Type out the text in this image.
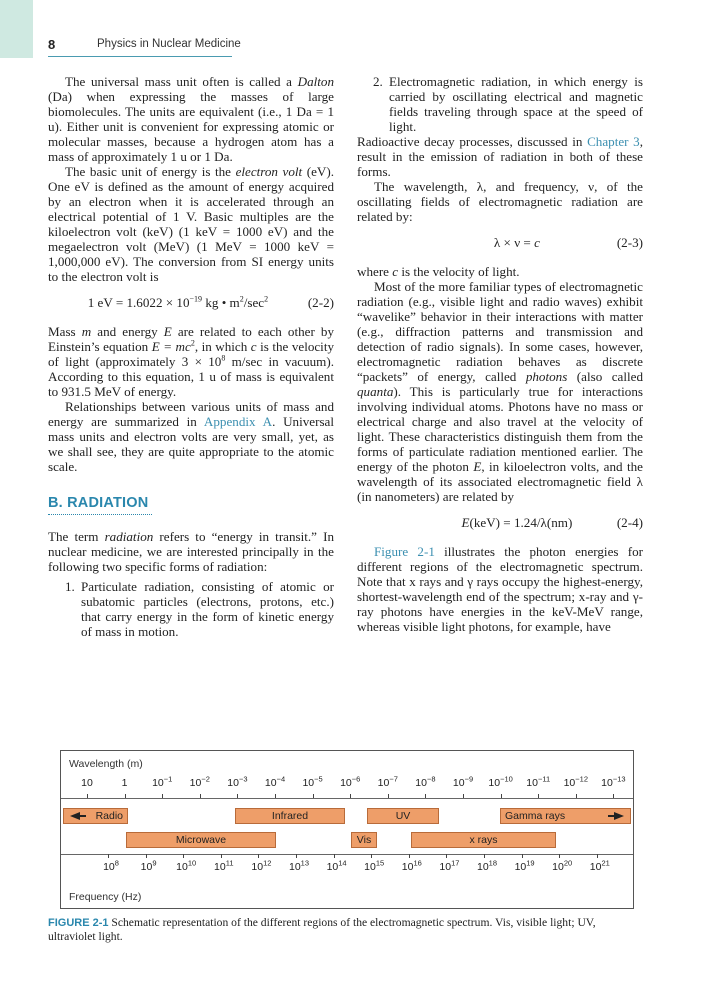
8	Physics in Nuclear Medicine

The universal mass unit often is called a Dalton (Da) when expressing the masses of large biomolecules. The units are equivalent (i.e., 1 Da = 1 u). Either unit is convenient for expressing atomic or molecular masses, because a hydrogen atom has a mass of approximately 1 u or 1 Da.

The basic unit of energy is the electron volt (eV). One eV is defined as the amount of energy acquired by an electron when it is accelerated through an electrical potential of 1 V. Basic multiples are the kiloelectron volt (keV) (1 keV = 1000 eV) and the megaelectron volt (MeV) (1 MeV = 1000 keV = 1,000,000 eV). The conversion from SI energy units to the electron volt is

1 eV = $1.6022 \times 10^{-19}$ kg • $m^2/\sec^2$	(2-2)

Mass m and energy E are related to each other by Einstein’s equation $E = mc^2$, in which c is the velocity of light (approximately $3 \times 10^8$ m/sec in vacuum). According to this equation, 1 u of mass is equivalent to 931.5 MeV of energy.

Relationships between various units of mass and energy are summarized in Appendix A. Universal mass units and electron volts are very small, yet, as we shall see, they are quite appropriate to the atomic scale.

B. RADIATION

The term radiation refers to “energy in transit.” In nuclear medicine, we are interested principally in the following two specific forms of radiation:

1. Particulate radiation, consisting of atomic or subatomic particles (electrons, protons, etc.) that carry energy in the form of kinetic energy of mass in motion.
2. Electromagnetic radiation, in which energy is carried by oscillating electrical and magnetic fields traveling through space at the speed of light.

Radioactive decay processes, discussed in Chapter 3, result in the emission of radiation in both of these forms.

The wavelength, λ, and frequency, ν, of the oscillating fields of electromagnetic radiation are related by:

λ × ν = c	(2-3)

where c is the velocity of light.

Most of the more familiar types of electromagnetic radiation (e.g., visible light and radio waves) exhibit “wavelike” behavior in their interactions with matter (e.g., diffraction patterns and transmission and detection of radio signals). In some cases, however, electromagnetic radiation behaves as discrete “packets” of energy, called photons (also called quanta). This is particularly true for interactions involving individual atoms. Photons have no mass or electrical charge and also travel at the velocity of light. These characteristics distinguish them from the forms of particulate radiation mentioned earlier. The energy of the photon E, in kiloelectron volts, and the wavelength of its associated electromagnetic field λ (in nanometers) are related by

E(keV) = 1.24/λ(nm)	(2-4)

Figure 2-1 illustrates the photon energies for different regions of the electromagnetic spectrum. Note that x rays and γ rays occupy the highest-energy, shortest-wavelength end of the spectrum; x-ray and γ-ray photons have energies in the keV-MeV range, whereas visible light photons, for example, have

Wavelength (m)
10	1 $10^{-1}$ $10^{-2}$ $10^{-3}$ $10^{-4}$ $10^{-5}$ $10^{-6}$ $10^{-7}$ $10^{-8}$ $10^{-9}$ $10^{-10}$ $10^{-11}$ $10^{-12}$ $10^{-13}$
Radio	Infrared	UV	Gamma rays
Microwave	Vis	x rays
$10^8$ $10^9$ $10^{10}$ $10^{11}$ $10^{12}$ $10^{13}$ $10^{14}$ $10^{15}$ $10^{16}$ $10^{17}$ $10^{18}$ $10^{19}$ $10^{20}$ $10^{21}$
Frequency (Hz)
FIGURE 2-1 Schematic representation of the different regions of the electromagnetic spectrum. Vis, visible light; UV, ultraviolet light.
